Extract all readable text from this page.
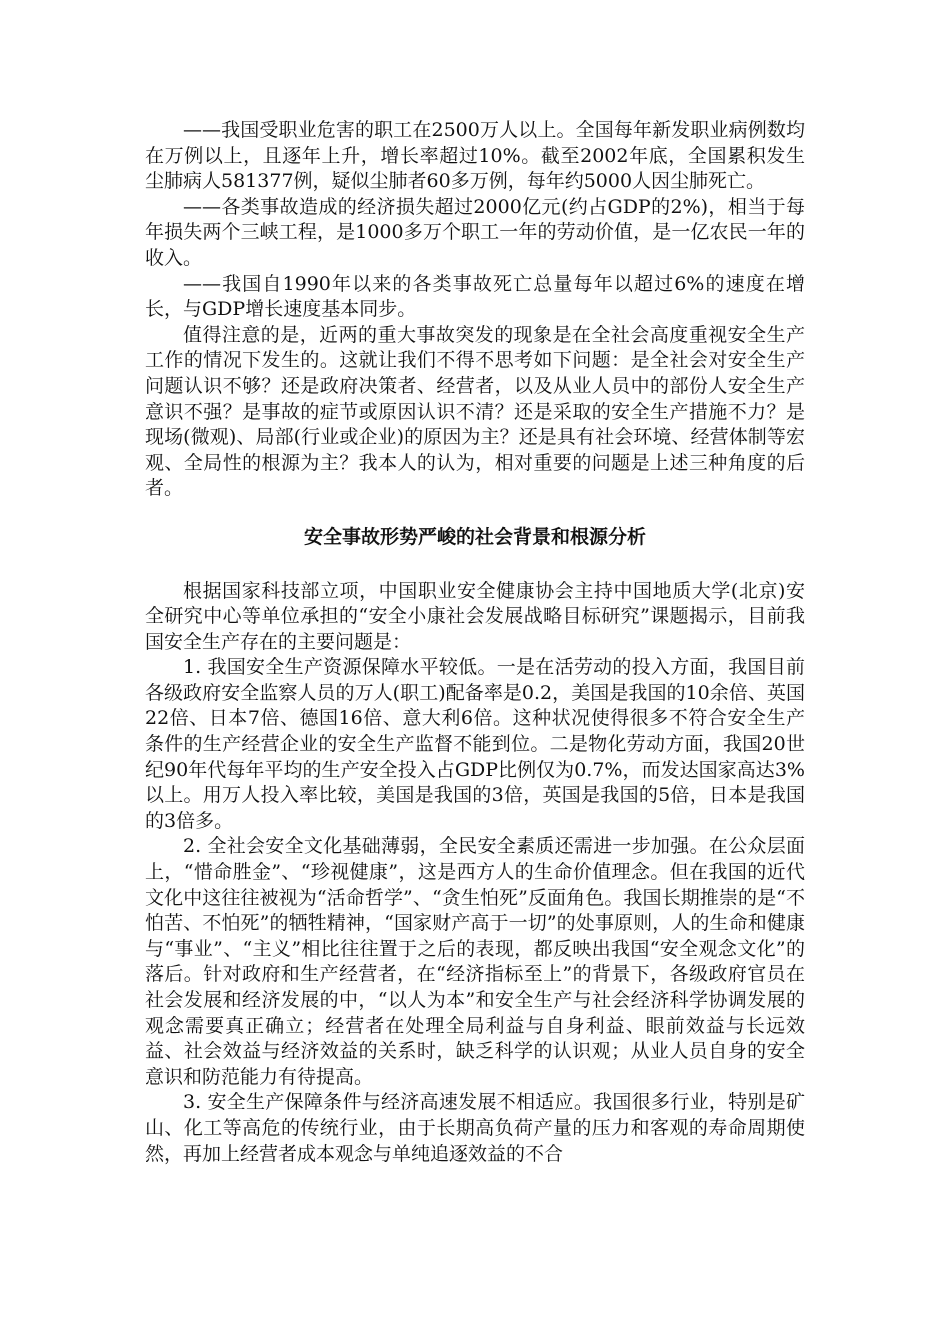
——我国受职业危害的职工在2500万人以上。全国每年新发职业病例数均在万例以上，且逐年上升，增长率超过10%。截至2002年底，全国累积发生尘肺病人581377例，疑似尘肺者60多万例，每年约5000人因尘肺死亡。

——各类事故造成的经济损失超过2000亿元(约占GDP的2%)，相当于每年损失两个三峡工程，是1000多万个职工一年的劳动价值，是一亿农民一年的收入。

——我国自1990年以来的各类事故死亡总量每年以超过6%的速度在增长，与GDP增长速度基本同步。

值得注意的是，近两的重大事故突发的现象是在全社会高度重视安全生产工作的情况下发生的。这就让我们不得不思考如下问题：是全社会对安全生产问题认识不够？还是政府决策者、经营者，以及从业人员中的部份人安全生产意识不强？是事故的症节或原因认识不清？还是采取的安全生产措施不力？是现场(微观)、局部(行业或企业)的原因为主？还是具有社会环境、经营体制等宏观、全局性的根源为主？我本人的认为，相对重要的问题是上述三种角度的后者。

安全事故形势严峻的社会背景和根源分析

根据国家科技部立项，中国职业安全健康协会主持中国地质大学(北京)安全研究中心等单位承担的“安全小康社会发展战略目标研究”课题揭示，目前我国安全生产存在的主要问题是：

1. 我国安全生产资源保障水平较低。一是在活劳动的投入方面，我国目前各级政府安全监察人员的万人(职工)配备率是0.2，美国是我国的10余倍、英国22倍、日本7倍、德国16倍、意大利6倍。这种状况使得很多不符合安全生产条件的生产经营企业的安全生产监督不能到位。二是物化劳动方面，我国20世纪90年代每年平均的生产安全投入占GDP比例仅为0.7%，而发达国家高达3%以上。用万人投入率比较，美国是我国的3倍，英国是我国的5倍，日本是我国的3倍多。

2. 全社会安全文化基础薄弱，全民安全素质还需进一步加强。在公众层面上，“惜命胜金”、“珍视健康”，这是西方人的生命价值理念。但在我国的近代文化中这往往被视为“活命哲学”、“贪生怕死”反面角色。我国长期推崇的是“不怕苦、不怕死”的牺牲精神，“国家财产高于一切”的处事原则，人的生命和健康与“事业”、“主义”相比往往置于之后的表现，都反映出我国“安全观念文化”的落后。针对政府和生产经营者，在“经济指标至上”的背景下，各级政府官员在社会发展和经济发展的中，“以人为本”和安全生产与社会经济科学协调发展的观念需要真正确立；经营者在处理全局利益与自身利益、眼前效益与长远效益、社会效益与经济效益的关系时，缺乏科学的认识观；从业人员自身的安全意识和防范能力有待提高。

3. 安全生产保障条件与经济高速发展不相适应。我国很多行业，特别是矿山、化工等高危的传统行业，由于长期高负荷产量的压力和客观的寿命周期使然，再加上经营者成本观念与单纯追逐效益的不合
